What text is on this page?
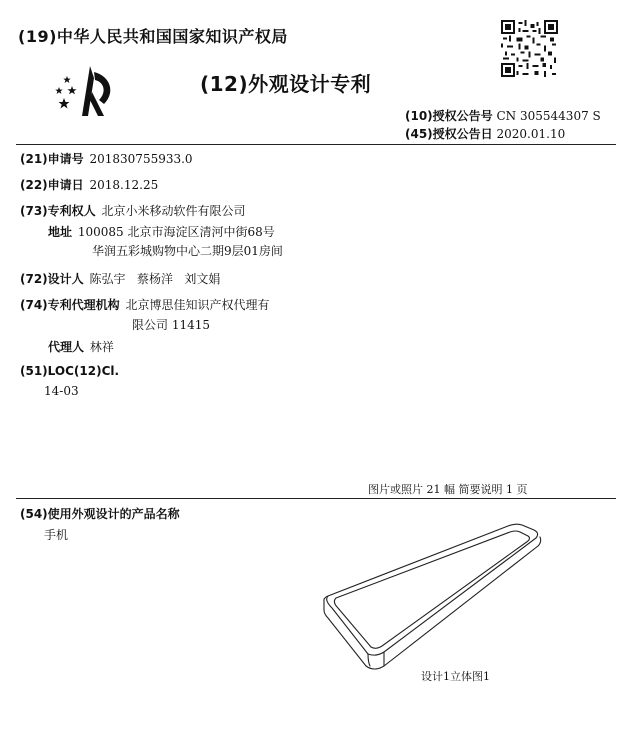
(19)中华人民共和国国家知识产权局
(12)外观设计专利
(10)授权公告号 CN 305544307 S
(45)授权公告日 2020.01.10
(21)申请号 201830755933.0
(22)申请日 2018.12.25
(73)专利权人 北京小米移动软件有限公司
地址 100085 北京市海淀区清河中街68号
华润五彩城购物中心二期9层01房间
(72)设计人 陈弘宇   蔡杨洋   刘文娟
(74)专利代理机构 北京博思佳知识产权代理有
限公司 11415
代理人 林祥
(51)LOC(12)Cl.
14-03
图片或照片 21 幅 简要说明 1 页
(54)使用外观设计的产品名称
手机
设计1立体图1
